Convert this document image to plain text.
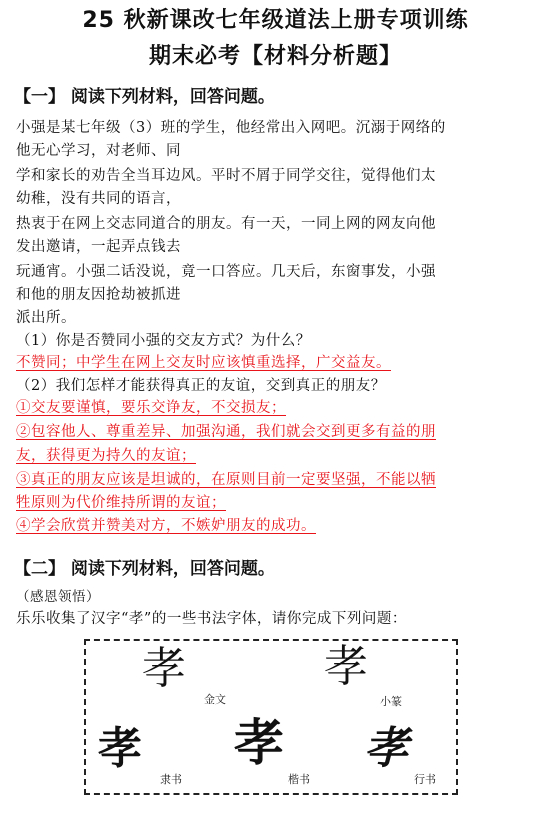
25 秋新课改七年级道法上册专项训练
期末必考【材料分析题】
【一】 阅读下列材料，回答问题。
小强是某七年级（3）班的学生，他经常出入网吧。沉溺于网络的
他无心学习，对老师、同
学和家长的劝告全当耳边风。平时不屑于同学交往，觉得他们太
幼稚，没有共同的语言，
热衷于在网上交志同道合的朋友。有一天，一同上网的网友向他
发出邀请，一起弄点钱去
玩通宵。小强二话没说，竟一口答应。几天后，东窗事发，小强
和他的朋友因抢劫被抓进
派出所。
（1）你是否赞同小强的交友方式？为什么？
不赞同；中学生在网上交友时应该慎重选择，广交益友。
（2）我们怎样才能获得真正的友谊，交到真正的朋友？
①交友要谨慎，要乐交诤友，不交损友；
②包容他人、尊重差异、加强沟通，我们就会交到更多有益的朋
友，获得更为持久的友谊；
③真正的朋友应该是坦诚的，在原则目前一定要坚强，不能以牺
牲原则为代价维持所谓的友谊；
④学会欣赏并赞美对方，不嫉妒朋友的成功。
【二】 阅读下列材料，回答问题。
（感恩领悟）
乐乐收集了汉字“孝”的一些书法字体，请你完成下列问题：
孝
金文
孝
小篆
孝
隶书
孝
楷书
孝
行书
